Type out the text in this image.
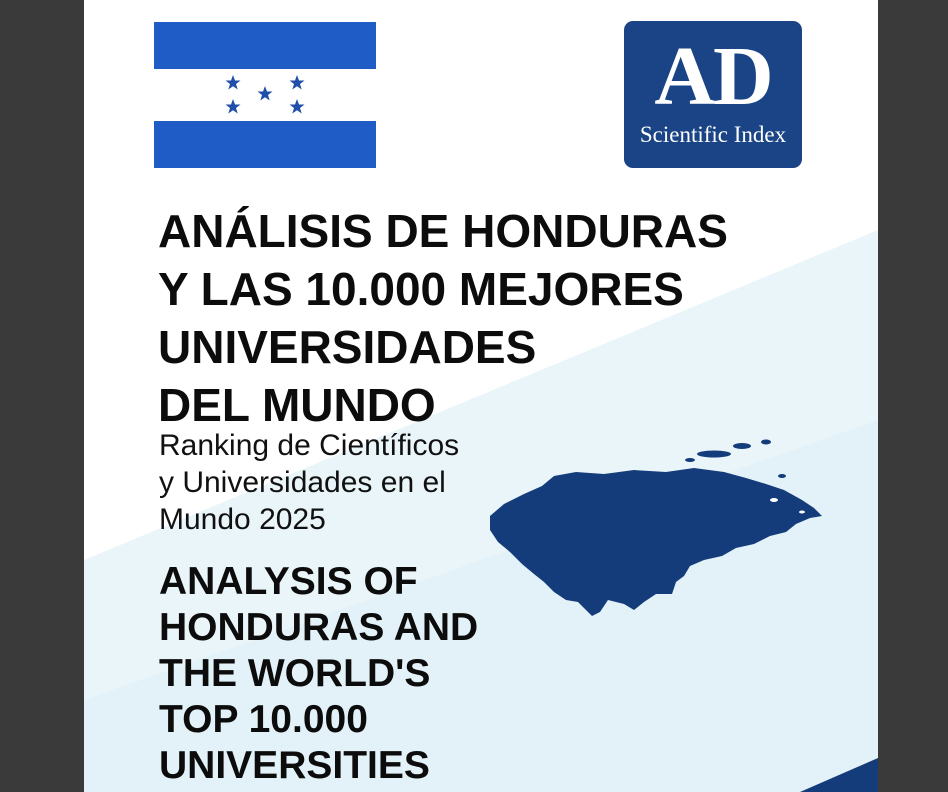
AD
Scientific Index
ANÁLISIS DE HONDURAS
Y LAS 10.000 MEJORES
UNIVERSIDADES
DEL MUNDO

Ranking de Científicos
y Universidades en el
Mundo 2025

ANALYSIS OF
HONDURAS AND
THE WORLD'S
TOP 10.000
UNIVERSITIES
